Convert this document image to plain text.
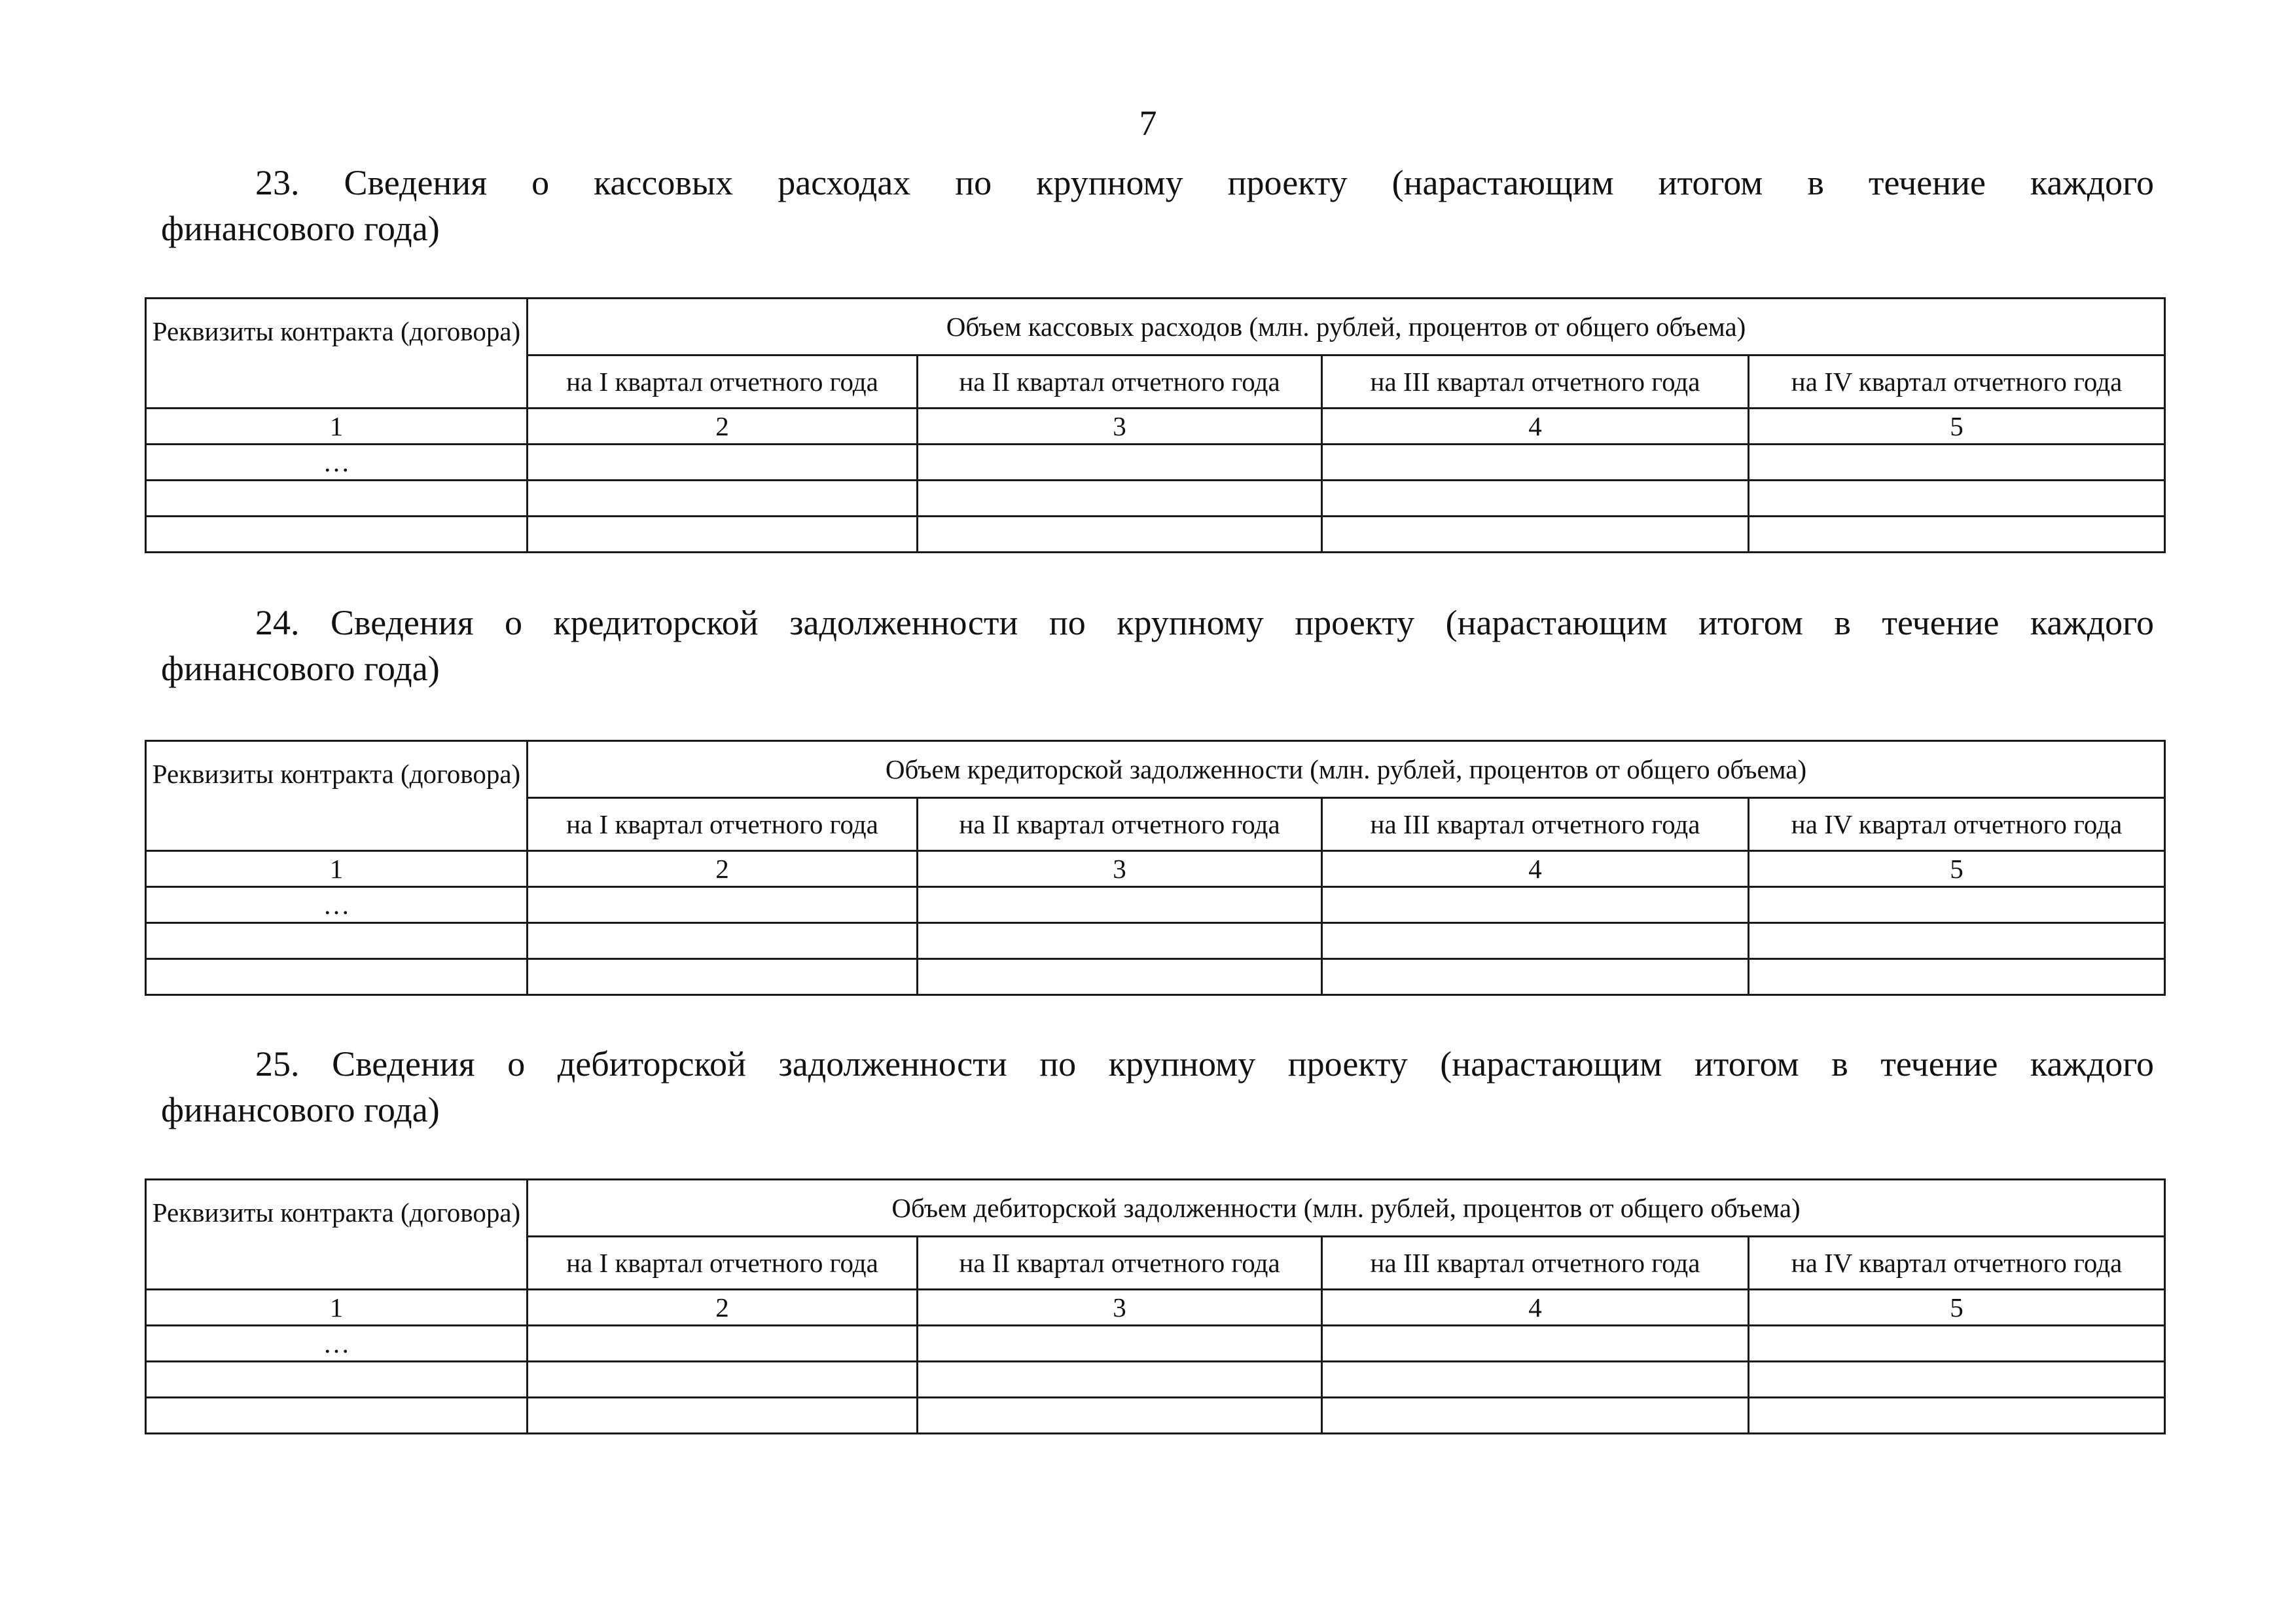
7
23. Сведения о кассовых расходах по крупному проекту (нарастающим итогом в течение каждого
финансового года)
Реквизиты контракта (договора)	Объем кассовых расходов (млн. рублей, процентов от общего объема)			
	на I квартал отчетного года	на II квартал отчетного года	на III квартал отчетного года	на IV квартал отчетного года
1	2	3	4	5
…				

24. Сведения о кредиторской задолженности по крупному проекту (нарастающим итогом в течение каждого
финансового года)
Реквизиты контракта (договора)	Объем кредиторской задолженности (млн. рублей, процентов от общего объема)			
	на I квартал отчетного года	на II квартал отчетного года	на III квартал отчетного года	на IV квартал отчетного года
1	2	3	4	5
…				

25. Сведения о дебиторской задолженности по крупному проекту (нарастающим итогом в течение каждого
финансового года)
Реквизиты контракта (договора)	Объем дебиторской задолженности (млн. рублей, процентов от общего объема)			
	на I квартал отчетного года	на II квартал отчетного года	на III квартал отчетного года	на IV квартал отчетного года
1	2	3	4	5
…				
